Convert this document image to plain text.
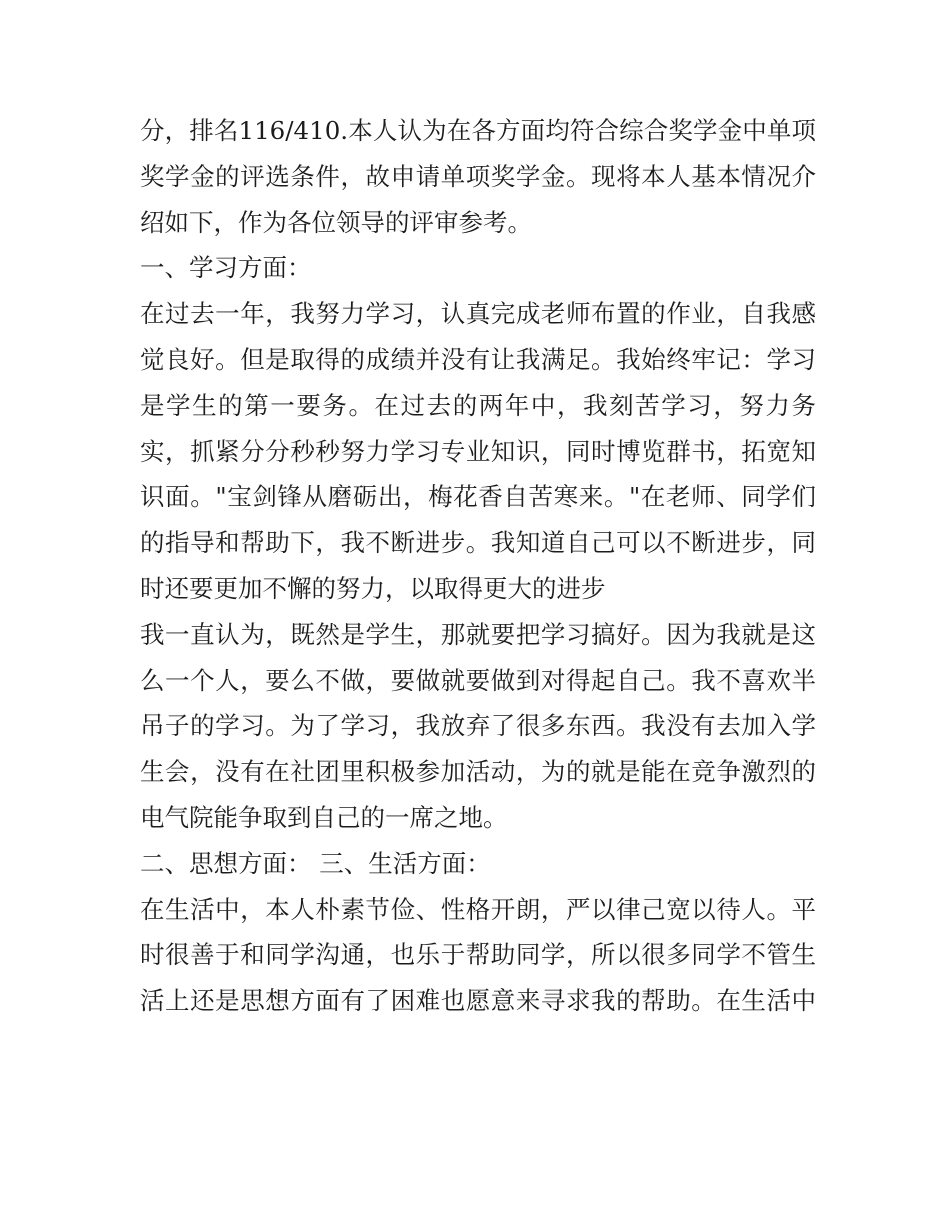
分，排名116/410.本人认为在各方面均符合综合奖学金中单项
奖学金的评选条件，故申请单项奖学金。现将本人基本情况介
绍如下，作为各位领导的评审参考。
一、学习方面：
在过去一年，我努力学习，认真完成老师布置的作业，自我感
觉良好。但是取得的成绩并没有让我满足。我始终牢记：学习
是学生的第一要务。在过去的两年中，我刻苦学习，努力务
实，抓紧分分秒秒努力学习专业知识，同时博览群书，拓宽知
识面。"宝剑锋从磨砺出，梅花香自苦寒来。"在老师、同学们
的指导和帮助下，我不断进步。我知道自己可以不断进步，同
时还要更加不懈的努力，以取得更大的进步
我一直认为，既然是学生，那就要把学习搞好。因为我就是这
么一个人，要么不做，要做就要做到对得起自己。我不喜欢半
吊子的学习。为了学习，我放弃了很多东西。我没有去加入学
生会，没有在社团里积极参加活动，为的就是能在竞争激烈的
电气院能争取到自己的一席之地。
二、思想方面： 三、生活方面：
在生活中，本人朴素节俭、性格开朗，严以律己宽以待人。平
时很善于和同学沟通，也乐于帮助同学，所以很多同学不管生
活上还是思想方面有了困难也愿意来寻求我的帮助。在生活中
